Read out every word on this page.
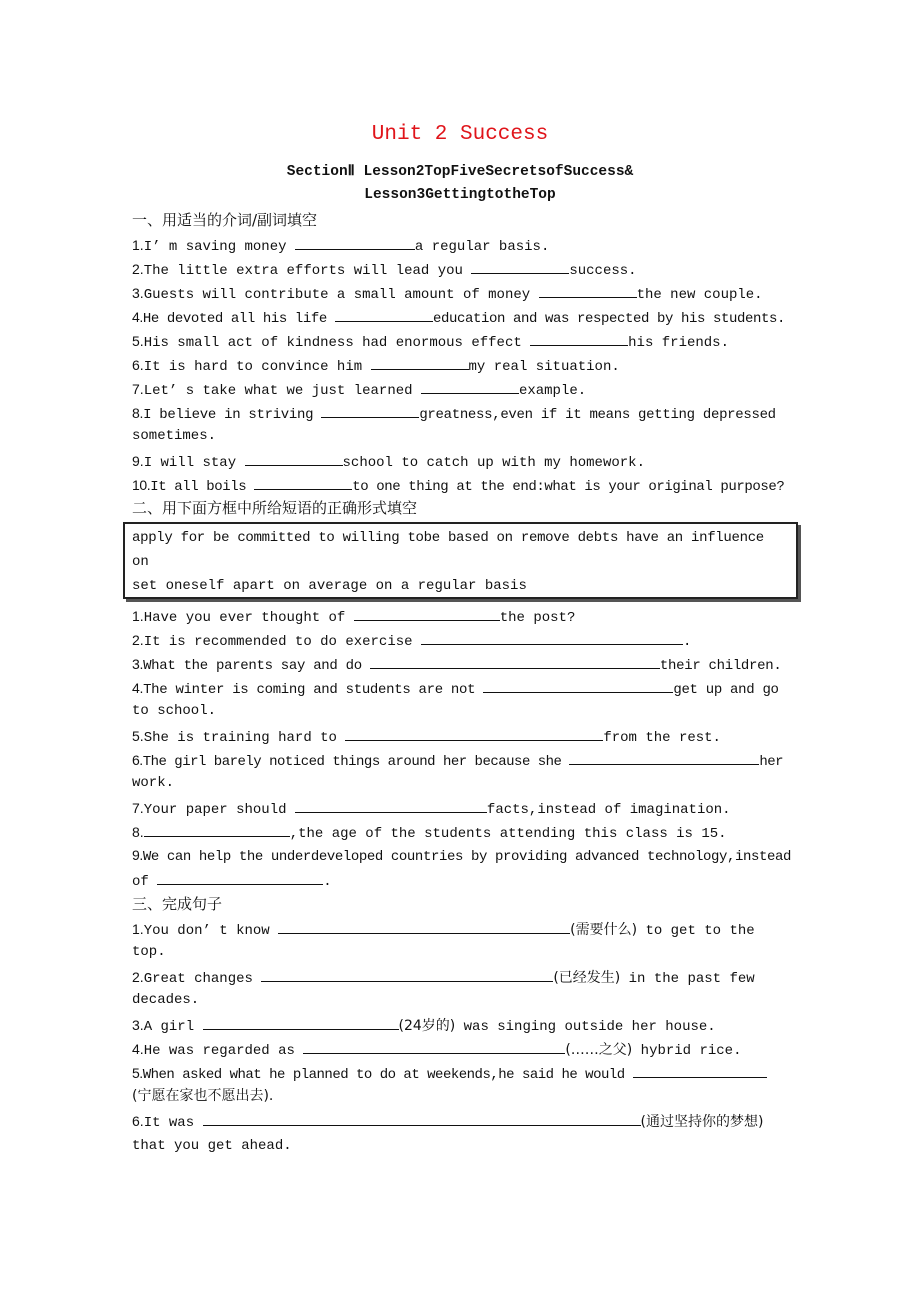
Unit 2 Success
SectionⅡ Lesson2TopFiveSecretsofSuccess&
Lesson3GettingtotheTop
一、用适当的介词/副词填空
1.I’ m saving money	a regular basis.
2.The little extra efforts will lead you	success.
3.Guests will contribute a small amount of money	the new couple.
4.He devoted all his life	education and was respected by his students.
5.His small act of kindness had enormous effect	his friends.
6.It is hard to convince him	my real situation.
7.Let’ s take what we just learned	example.
8.I believe in striving	greatness,even if it means getting depressed
sometimes.
9.I will stay	school to catch up with my homework.
10.It all boils	to one thing at the end:what is your original purpose?
二、用下面方框中所给短语的正确形式填空
apply for be committed to willing tobe based on remove debts have an influence
on
set oneself apart on average on a regular basis
1.Have you ever thought of	the post?
2.It is recommended to do exercise	.
3.What the parents say and do	their children.
4.The winter is coming and students are not	get up and go
to school.
5.She is training hard to	from the rest.
6.The girl barely noticed things around her because she	her
work.
7.Your paper should	facts,instead of imagination.
8.	,the age of the students attending this class is 15.
9.We can help the underdeveloped countries by providing advanced technology,instead
of	.
三、完成句子
1.You don’ t know	(需要什么) to get to the
top.
2.Great changes	(已经发生) in the past few
decades.
3.A girl	(24岁的) was singing outside her house.
4.He was regarded as	(……之父) hybrid rice.
5.When asked what he planned to do at weekends,he said he would
(宁愿在家也不愿出去).
6.It was	(通过坚持你的梦想)
that you get ahead.
